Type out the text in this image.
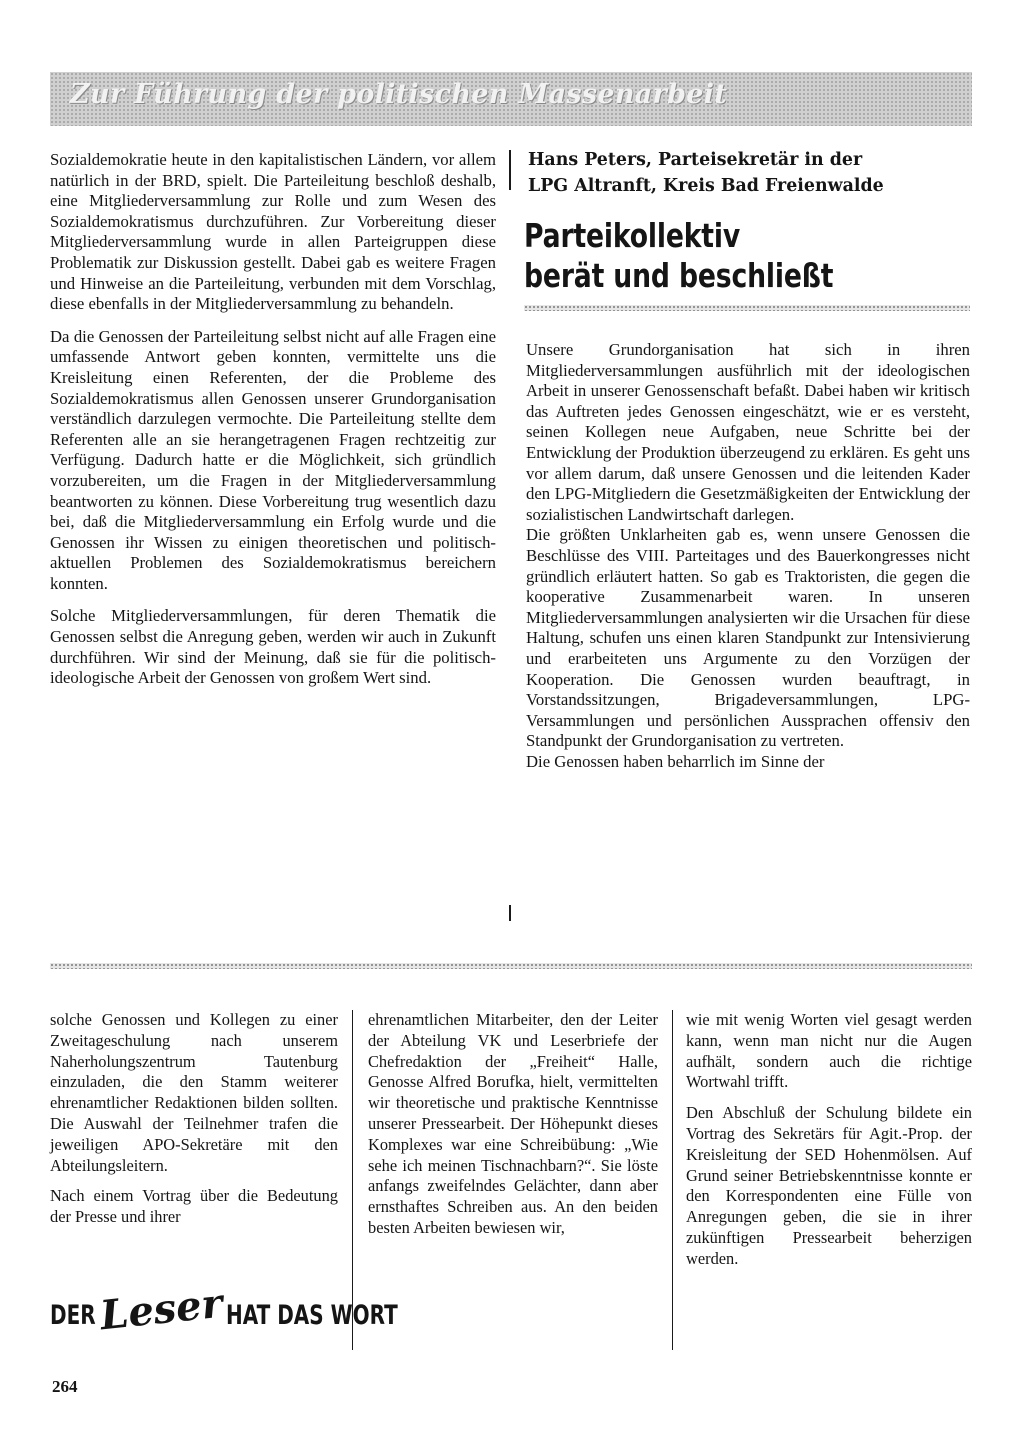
Zur Führung der politischen Massenarbeit

Sozialdemokratie heute in den kapitalistischen Ländern, vor allem natürlich in der BRD, spielt. Die Parteileitung beschloß deshalb, eine Mitgliederversammlung zur Rolle und zum Wesen des Sozialdemokratismus durchzuführen. Zur Vorbereitung dieser Mitgliederversammlung wurde in allen Parteigruppen diese Problematik zur Diskussion gestellt. Dabei gab es weitere Fragen und Hinweise an die Parteileitung, verbunden mit dem Vorschlag, diese ebenfalls in der Mitgliederversammlung zu behandeln.

Da die Genossen der Parteileitung selbst nicht auf alle Fragen eine umfassende Antwort geben konnten, vermittelte uns die Kreisleitung einen Referenten, der die Probleme des Sozialdemokratismus allen Genossen unserer Grundorganisation verständlich darzulegen vermochte. Die Parteileitung stellte dem Referenten alle an sie herangetragenen Fragen rechtzeitig zur Verfügung. Dadurch hatte er die Möglichkeit, sich gründlich vorzubereiten, um die Fragen in der Mitgliederversammlung beantworten zu können. Diese Vorbereitung trug wesentlich dazu bei, daß die Mitgliederversammlung ein Erfolg wurde und die Genossen ihr Wissen zu einigen theoretischen und politisch-aktuellen Problemen des Sozialdemokratismus bereichern konnten.

Solche Mitgliederversammlungen, für deren Thematik die Genossen selbst die Anregung geben, werden wir auch in Zukunft durchführen. Wir sind der Meinung, daß sie für die politisch-ideologische Arbeit der Genossen von großem Wert sind.

Hans Peters, Parteisekretär in der
LPG Altranft, Kreis Bad Freienwalde
Parteikollektiv
berät und beschließt

Unsere Grundorganisation hat sich in ihren Mitgliederversammlungen ausführlich mit der ideologischen Arbeit in unserer Genossenschaft befaßt. Dabei haben wir kritisch das Auftreten jedes Genossen eingeschätzt, wie er es versteht, seinen Kollegen neue Aufgaben, neue Schritte bei der Entwicklung der Produktion überzeugend zu erklären. Es geht uns vor allem darum, daß unsere Genossen und die leitenden Kader den LPG-Mitgliedern die Gesetzmäßigkeiten der Entwicklung der sozialistischen Landwirtschaft darlegen.

Die größten Unklarheiten gab es, wenn unsere Genossen die Beschlüsse des VIII. Parteitages und des Bauerkongresses nicht gründlich erläutert hatten. So gab es Traktoristen, die gegen die kooperative Zusammenarbeit waren. In unseren Mitgliederversammlungen analysierten wir die Ursachen für diese Haltung, schufen uns einen klaren Standpunkt zur Intensivierung und erarbeiteten uns Argumente zu den Vorzügen der Kooperation. Die Genossen wurden beauftragt, in Vorstandssitzungen, Brigadeversammlungen, LPG-Versammlungen und persönlichen Aussprachen offensiv den Standpunkt der Grundorganisation zu vertreten.

Die Genossen haben beharrlich im Sinne der

solche Genossen und Kollegen zu einer Zweitageschulung nach unserem Naherholungszentrum Tautenburg einzuladen, die den Stamm weiterer ehrenamtlicher Redaktionen bilden sollten. Die Auswahl der Teilnehmer trafen die jeweiligen APO-Sekretäre mit den Abteilungsleitern.

Nach einem Vortrag über die Bedeutung der Presse und ihrer

ehrenamtlichen Mitarbeiter, den der Leiter der Abteilung VK und Leserbriefe der Chefredaktion der „Freiheit“ Halle, Genosse Alfred Borufka, hielt, vermittelten wir theoretische und praktische Kenntnisse unserer Pressearbeit. Der Höhepunkt dieses Komplexes war eine Schreibübung: „Wie sehe ich meinen Tischnachbarn?“. Sie löste anfangs zweifelndes Gelächter, dann aber ernsthaftes Schreiben aus. An den beiden besten Arbeiten bewiesen wir,

wie mit wenig Worten viel gesagt werden kann, wenn man nicht nur die Augen aufhält, sondern auch die richtige Wortwahl trifft.

Den Abschluß der Schulung bildete ein Vortrag des Sekretärs für Agit.-Prop. der Kreisleitung der SED Hohenmölsen. Auf Grund seiner Betriebskenntnisse konnte er den Korrespondenten eine Fülle von Anregungen geben, die sie in ihrer zukünftigen Pressearbeit beherzigen werden.

DER Leser HAT DAS WORT
264
